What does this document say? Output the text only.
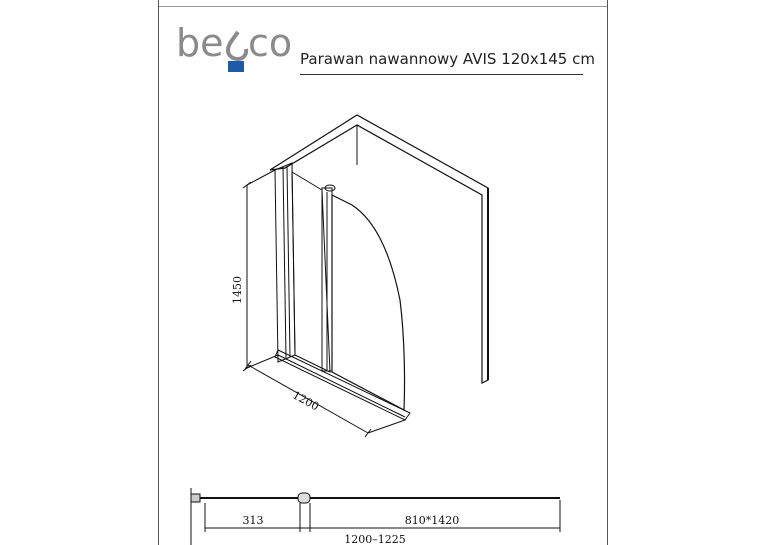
be co Parawan nawannowy AVIS 120x145 cm
1450
1200
313	810*1420
1200–1225
